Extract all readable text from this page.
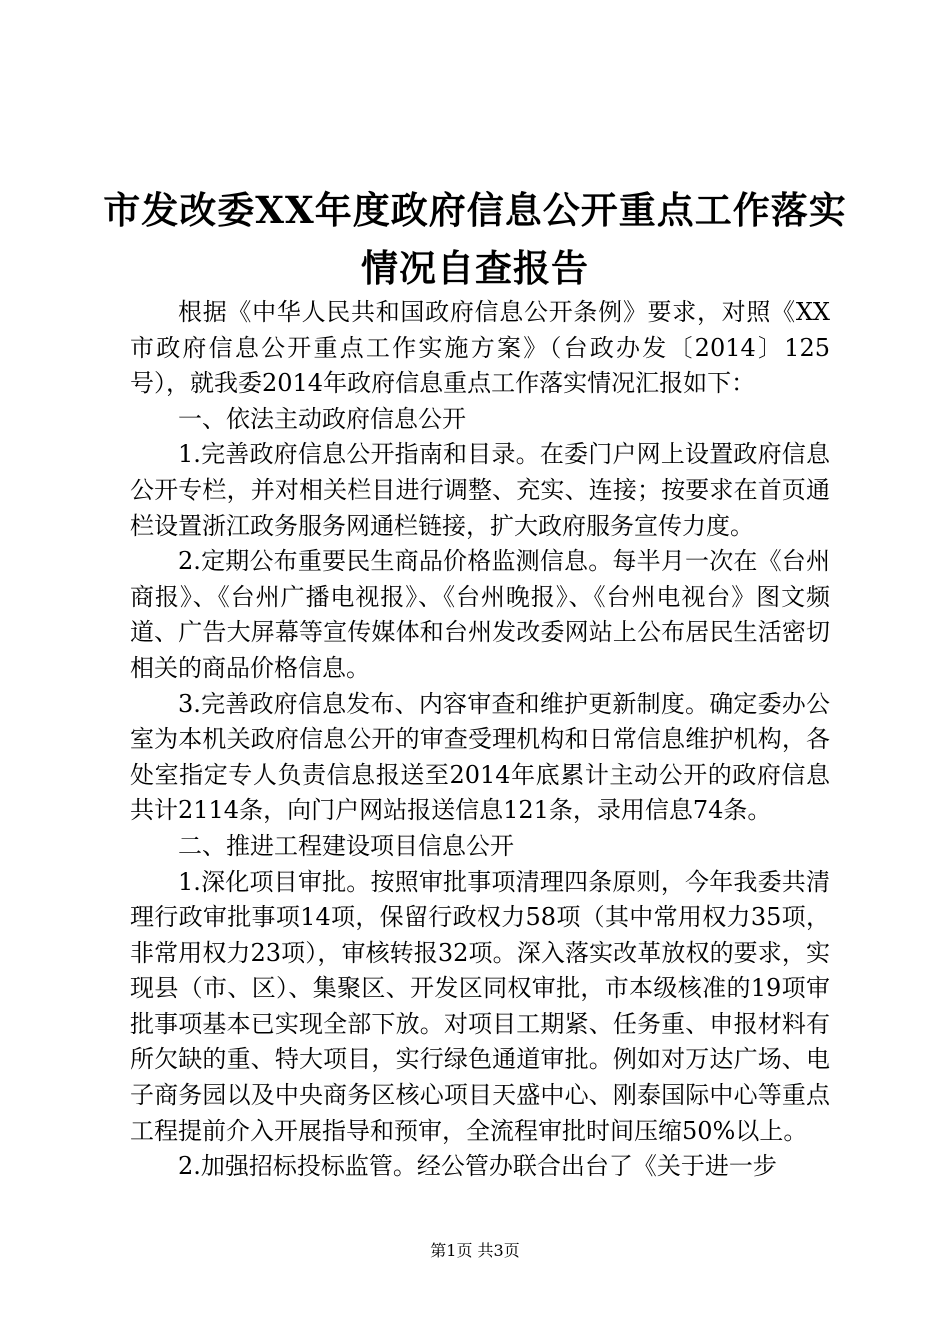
市发改委XX年度政府信息公开重点工作落实
情况自查报告

根据《中华人民共和国政府信息公开条例》要求，对照《XX市政府信息公开重点工作实施方案》（台政办发〔2014〕125号），就我委2014年政府信息重点工作落实情况汇报如下：

一、依法主动政府信息公开

1.完善政府信息公开指南和目录。在委门户网上设置政府信息公开专栏，并对相关栏目进行调整、充实、连接；按要求在首页通栏设置浙江政务服务网通栏链接，扩大政府服务宣传力度。

2.定期公布重要民生商品价格监测信息。每半月一次在《台州商报》、《台州广播电视报》、《台州晚报》、《台州电视台》图文频道、广告大屏幕等宣传媒体和台州发改委网站上公布居民生活密切相关的商品价格信息。

3.完善政府信息发布、内容审查和维护更新制度。确定委办公室为本机关政府信息公开的审查受理机构和日常信息维护机构，各处室指定专人负责信息报送至2014年底累计主动公开的政府信息共计2114条，向门户网站报送信息121条，录用信息74条。

二、推进工程建设项目信息公开

1.深化项目审批。按照审批事项清理四条原则，今年我委共清理行政审批事项14项，保留行政权力58项（其中常用权力35项，非常用权力23项），审核转报32项。深入落实改革放权的要求，实现县（市、区）、集聚区、开发区同权审批，市本级核准的19项审批事项基本已实现全部下放。对项目工期紧、任务重、申报材料有所欠缺的重、特大项目，实行绿色通道审批。例如对万达广场、电子商务园以及中央商务区核心项目天盛中心、刚泰国际中心等重点工程提前介入开展指导和预审，全流程审批时间压缩50%以上。

2.加强招标投标监管。经公管办联合出台了《关于进一步

第1页 共3页
